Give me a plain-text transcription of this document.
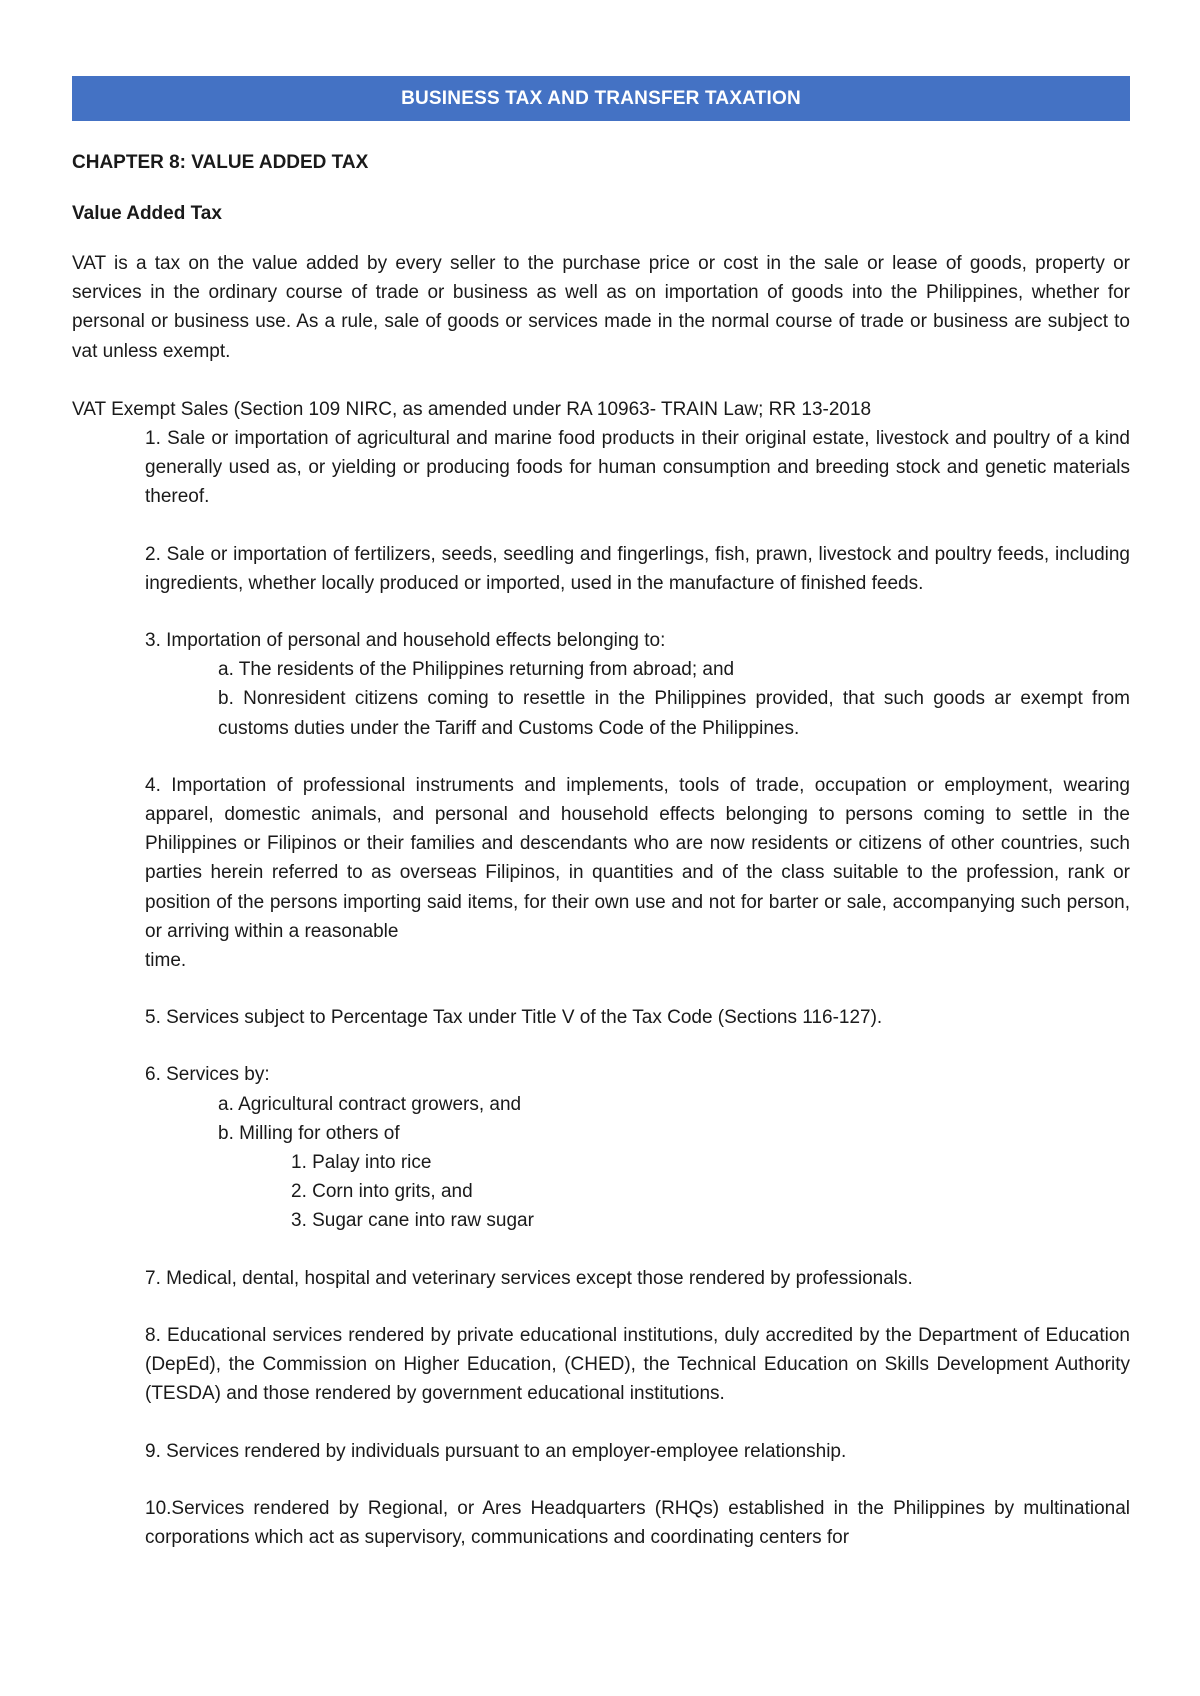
BUSINESS TAX AND TRANSFER TAXATION
CHAPTER 8: VALUE ADDED TAX
Value Added Tax
VAT is a tax on the value added by every seller to the purchase price or cost in the sale or lease of goods, property or services in the ordinary course of trade or business as well as on importation of goods into the Philippines, whether for personal or business use. As a rule, sale of goods or services made in the normal course of trade or business are subject to vat unless exempt.
VAT Exempt Sales (Section 109 NIRC, as amended under RA 10963- TRAIN Law; RR 13-2018
1. Sale or importation of agricultural and marine food products in their original estate, livestock and poultry of a kind generally used as, or yielding or producing foods for human consumption and breeding stock and genetic materials thereof.
2. Sale or importation of fertilizers, seeds, seedling and fingerlings, fish, prawn, livestock and poultry feeds, including ingredients, whether locally produced or imported, used in the manufacture of finished feeds.
3. Importation of personal and household effects belonging to:
a. The residents of the Philippines returning from abroad; and
b. Nonresident citizens coming to resettle in the Philippines provided, that such goods ar exempt from customs duties under the Tariff and Customs Code of the Philippines.
4. Importation of professional instruments and implements, tools of trade, occupation or employment, wearing apparel, domestic animals, and personal and household effects belonging to persons coming to settle in the Philippines or Filipinos or their families and descendants who are now residents or citizens of other countries, such parties herein referred to as overseas Filipinos, in quantities and of the class suitable to the profession, rank or position of the persons importing said items, for their own use and not for barter or sale, accompanying such person, or arriving within a reasonable
time.
5. Services subject to Percentage Tax under Title V of the Tax Code (Sections 116-127).
6. Services by:
a. Agricultural contract growers, and
b. Milling for others of
1. Palay into rice
2. Corn into grits, and
3. Sugar cane into raw sugar
7. Medical, dental, hospital and veterinary services except those rendered by professionals.
8. Educational services rendered by private educational institutions, duly accredited by the Department of Education (DepEd), the Commission on Higher Education, (CHED), the Technical Education on Skills Development Authority (TESDA) and those rendered by government educational institutions.
9. Services rendered by individuals pursuant to an employer-employee relationship.
10.Services rendered by Regional, or Ares Headquarters (RHQs) established in the Philippines by multinational corporations which act as supervisory, communications and coordinating centers for
